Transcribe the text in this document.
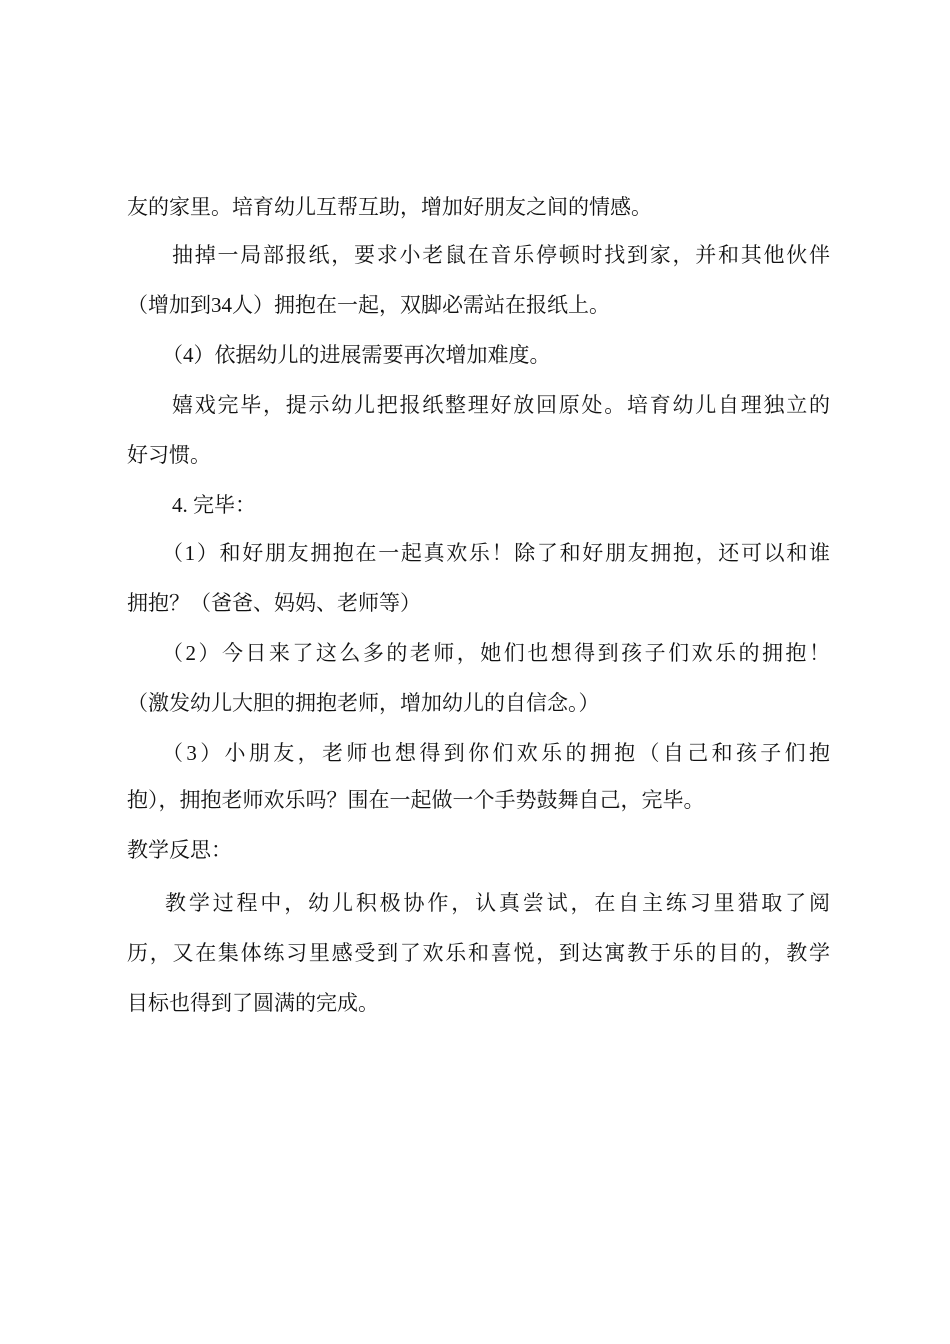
友的家里。培育幼儿互帮互助，增加好朋友之间的情感。
抽掉一局部报纸，要求小老鼠在音乐停顿时找到家，并和其他伙伴
（增加到34人）拥抱在一起，双脚必需站在报纸上。
（4）依据幼儿的进展需要再次增加难度。
嬉戏完毕，提示幼儿把报纸整理好放回原处。培育幼儿自理独立的
好习惯。
4. 完毕：
（1）和好朋友拥抱在一起真欢乐！除了和好朋友拥抱，还可以和谁
拥抱？（爸爸、妈妈、老师等）
（2）今日来了这么多的老师，她们也想得到孩子们欢乐的拥抱！
（激发幼儿大胆的拥抱老师，增加幼儿的自信念。）
（3）小朋友，老师也想得到你们欢乐的拥抱（自己和孩子们抱
抱），拥抱老师欢乐吗？围在一起做一个手势鼓舞自己，完毕。
教学反思：
教学过程中，幼儿积极协作，认真尝试，在自主练习里猎取了阅
历，又在集体练习里感受到了欢乐和喜悦，到达寓教于乐的目的，教学
目标也得到了圆满的完成。
